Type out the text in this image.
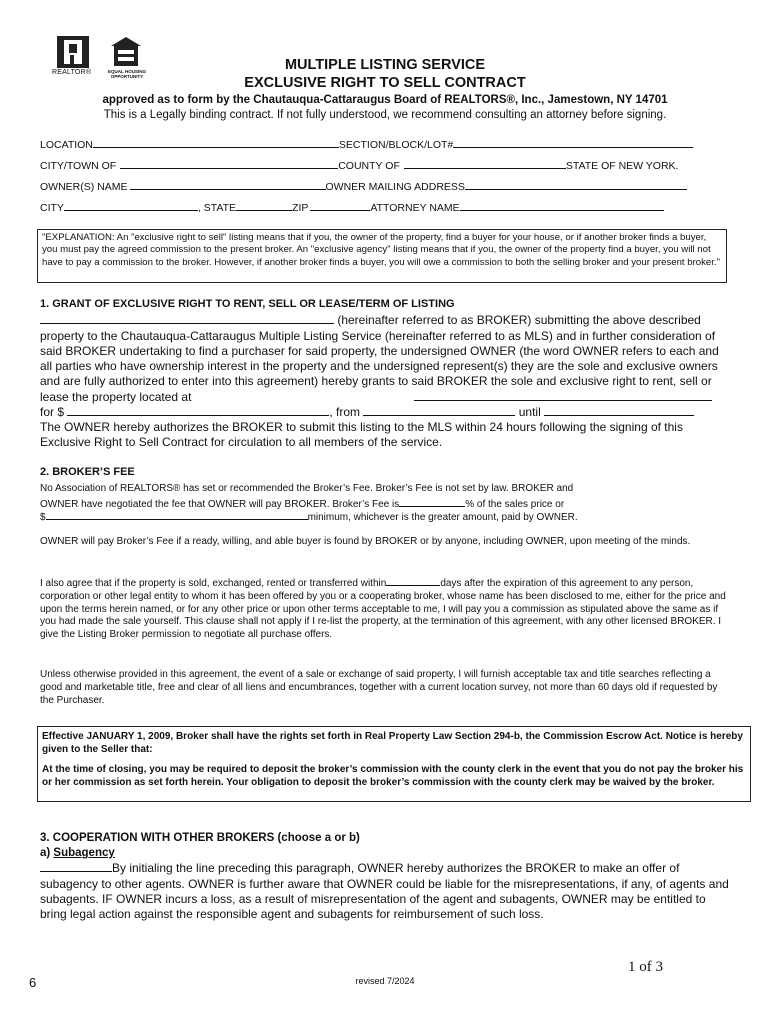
REALTOR®	EQUAL HOUSING OPPORTUNITY
MULTIPLE LISTING SERVICE
EXCLUSIVE RIGHT TO SELL CONTRACT
approved as to form by the Chautauqua-Cattaraugus Board of REALTORS®, Inc., Jamestown, NY 14701
This is a Legally binding contract. If not fully understood, we recommend consulting an attorney before signing.
LOCATION	SECTION/BLOCK/LOT#
CITY/TOWN OF	COUNTY OF	STATE OF NEW YORK.
OWNER(S) NAME	OWNER MAILING ADDRESS
CITY	, STATE	ZIP	ATTORNEY NAME
"EXPLANATION: An "exclusive right to sell" listing means that if you, the owner of the property, find a buyer for your house, or if another broker finds a buyer, you must pay the agreed commission to the present broker. An "exclusive agency" listing means that if you, the owner of the property find a buyer, you will not have to pay a commission to the broker. However, if another broker finds a buyer, you will owe a commission to both the selling broker and your present broker."
1. GRANT OF EXCLUSIVE RIGHT TO RENT, SELL OR LEASE/TERM OF LISTING
(hereinafter referred to as BROKER) submitting the above described
property to the Chautauqua-Cattaraugus Multiple Listing Service (hereinafter referred to as MLS) and in further consideration of said BROKER undertaking to find a purchaser for said property, the undersigned OWNER (the word OWNER refers to each and all parties who have ownership interest in the property and the undersigned represent(s) they are the sole and exclusive owners and are fully authorized to enter into this agreement) hereby grants to said BROKER the sole and exclusive right to rent, sell or lease the property located at
for $	, from	until
The OWNER hereby authorizes the BROKER to submit this listing to the MLS within 24 hours following the signing of this Exclusive Right to Sell Contract for circulation to all members of the service.
2. BROKER’S FEE
No Association of REALTORS® has set or recommended the Broker’s Fee. Broker’s Fee is not set by law. BROKER and
OWNER have negotiated the fee that OWNER will pay BROKER. Broker’s Fee is	% of the sales price or
$	minimum, whichever is the greater amount, paid by OWNER.
OWNER will pay Broker’s Fee if a ready, willing, and able buyer is found by BROKER or by anyone, including OWNER, upon meeting of the minds.
I also agree that if the property is sold, exchanged, rented or transferred within	days after the expiration of this agreement to any person, corporation or other legal entity to whom it has been offered by you or a cooperating broker, whose name has been disclosed to me, either for the price and upon the terms herein named, or for any other price or upon other terms acceptable to me, I will pay you a commission as stipulated above the same as if you had made the sale yourself. This clause shall not apply if I re-list the property, at the termination of this agreement, with any other licensed BROKER. I give the Listing Broker permission to negotiate all purchase offers.
Unless otherwise provided in this agreement, the event of a sale or exchange of said property, I will furnish acceptable tax and title searches reflecting a good and marketable title, free and clear of all liens and encumbrances, together with a current location survey, not more than 60 days old if requested by the Purchaser.

Effective JANUARY 1, 2009, Broker shall have the rights set forth in Real Property Law Section 294-b, the Commission Escrow Act. Notice is hereby given to the Seller that:

At the time of closing, you may be required to deposit the broker’s commission with the county clerk in the event that you do not pay the broker his or her commission as set forth herein. Your obligation to deposit the broker’s commission with the county clerk may be waived by the broker.

3. COOPERATION WITH OTHER BROKERS (choose a or b)
a) Subagency
By initialing the line preceding this paragraph, OWNER hereby authorizes the BROKER to make an offer of
subagency to other agents. OWNER is further aware that OWNER could be liable for the misrepresentations, if any, of agents and subagents. IF OWNER incurs a loss, as a result of misrepresentation of the agent and subagents, OWNER may be entitled to bring legal action against the responsible agent and subagents for reimbursement of such loss.
6	revised 7/2024
1 of 3
